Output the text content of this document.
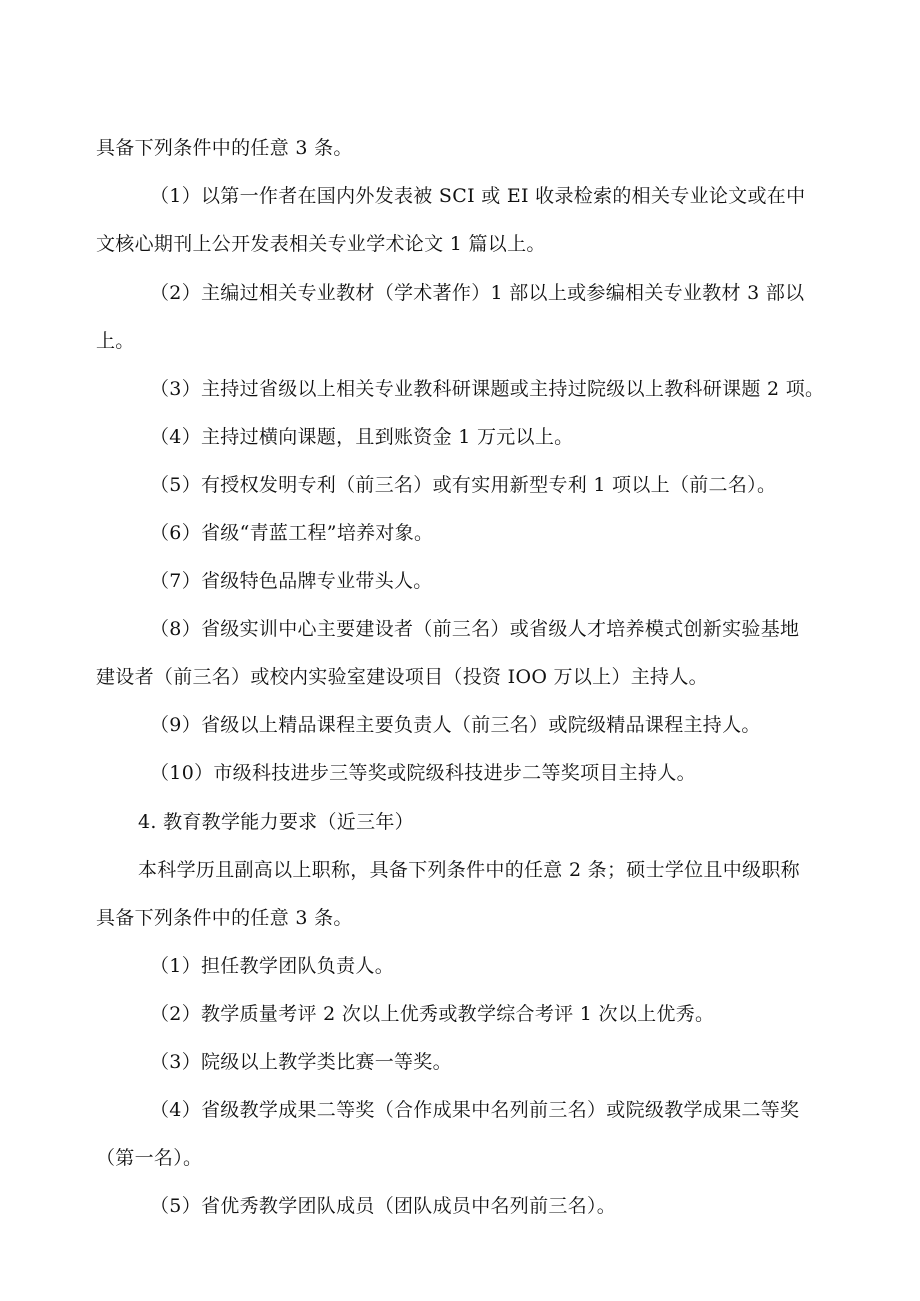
具备下列条件中的任意 3 条。
（1）以第一作者在国内外发表被 SCI 或 EI 收录检索的相关专业论文或在中
文核心期刊上公开发表相关专业学术论文 1 篇以上。
（2）主编过相关专业教材（学术著作）1 部以上或参编相关专业教材 3 部以
上。
（3）主持过省级以上相关专业教科研课题或主持过院级以上教科研课题 2 项。
（4）主持过横向课题，且到账资金 1 万元以上。
（5）有授权发明专利（前三名）或有实用新型专利 1 项以上（前二名）。
（6）省级“青蓝工程”培养对象。
（7）省级特色品牌专业带头人。
（8）省级实训中心主要建设者（前三名）或省级人才培养模式创新实验基地
建设者（前三名）或校内实验室建设项目（投资 IOO 万以上）主持人。
（9）省级以上精品课程主要负责人（前三名）或院级精品课程主持人。
（10）市级科技进步三等奖或院级科技进步二等奖项目主持人。
4. 教育教学能力要求（近三年）
本科学历且副高以上职称，具备下列条件中的任意 2 条；硕士学位且中级职称
具备下列条件中的任意 3 条。
（1）担任教学团队负责人。
（2）教学质量考评 2 次以上优秀或教学综合考评 1 次以上优秀。
（3）院级以上教学类比赛一等奖。
（4）省级教学成果二等奖（合作成果中名列前三名）或院级教学成果二等奖
（第一名）。
（5）省优秀教学团队成员（团队成员中名列前三名）。
